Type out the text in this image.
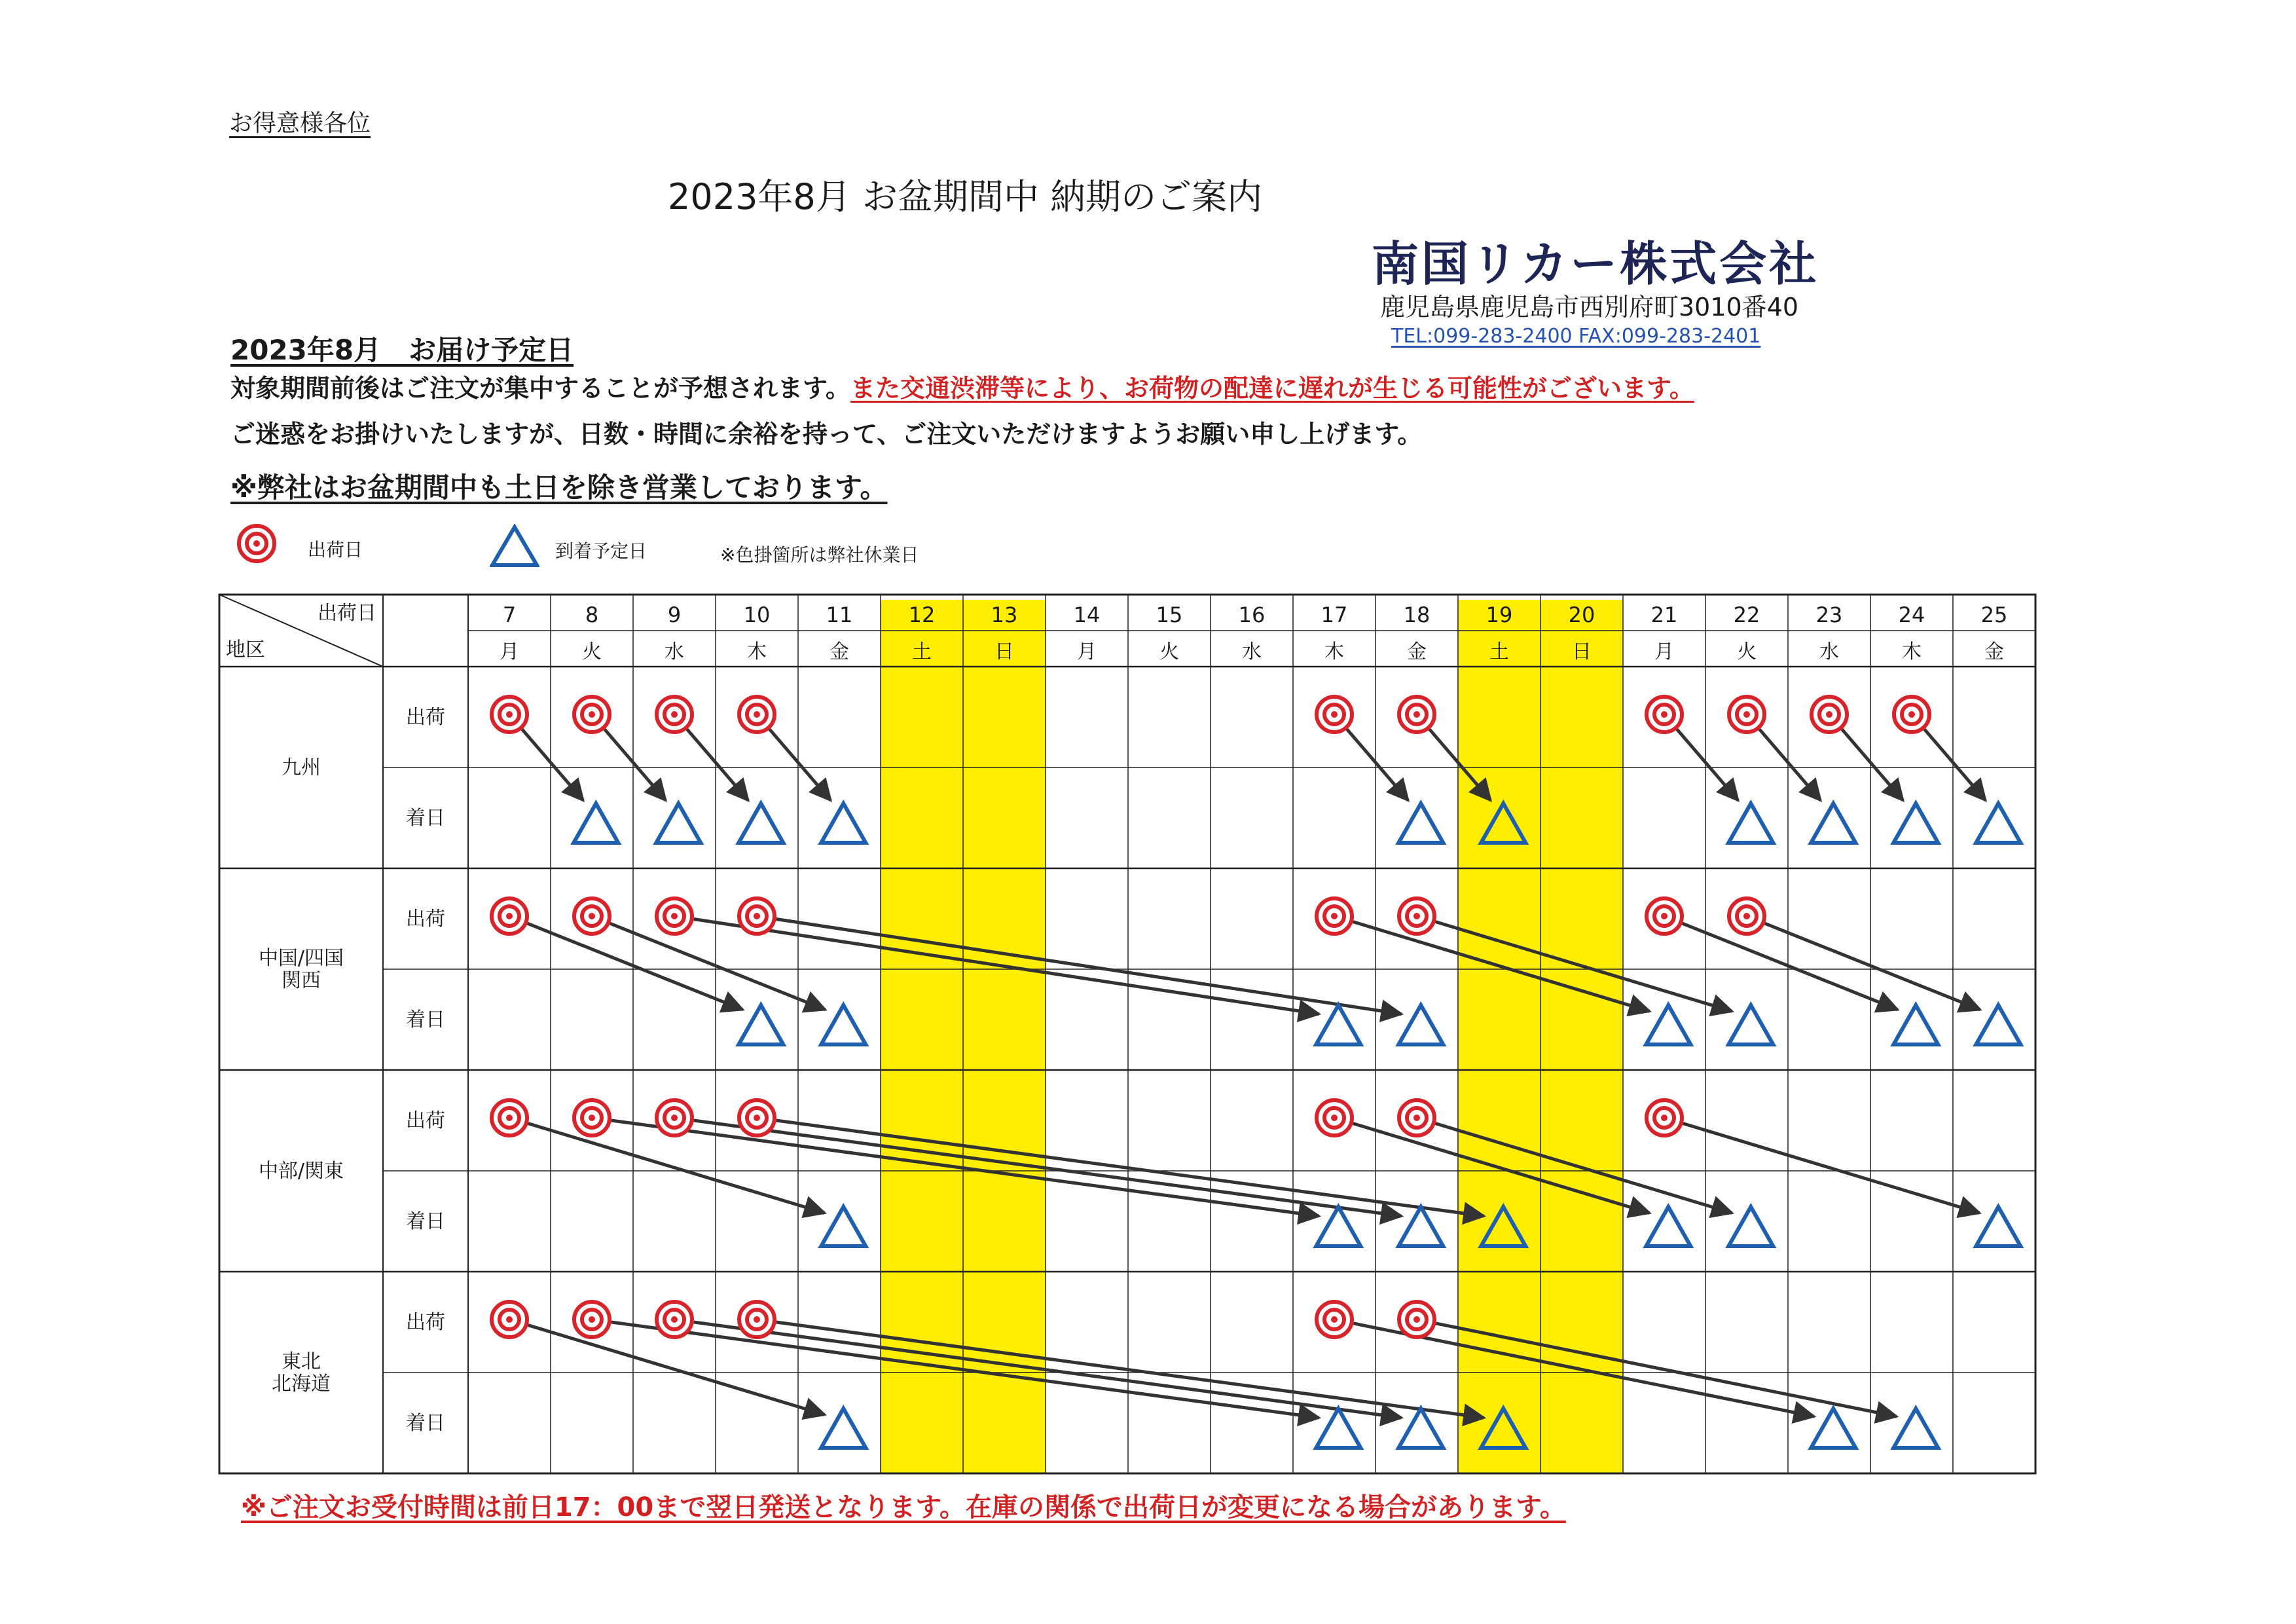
お得意様各位
2023年8月 お盆期間中 納期のご案内
南国リカー株式会社
鹿児島県鹿児島市西別府町3010番40
TEL:099-283-2400 FAX:099-283-2401
2023年8月　お届け予定日
対象期間前後はご注文が集中することが予想されます。また交通渋滞等により、お荷物の配達に遅れが生じる可能性がございます。
ご迷惑をお掛けいたしますが、日数・時間に余裕を持って、ご注文いただけますようお願い申し上げます。
※弊社はお盆期間中も土日を除き営業しております。
出荷日	到着予定日	※色掛箇所は弊社休業日
出荷日
地区
7
月
8
火
9
水
10
木
11
金
12
土
13
日
14
月
15
火
16
水
17
木
18
金
19
土
20
日
21
月
22
火
23
水
24
木
25
金
九州
出荷
着日
中国/四国
関西
出荷
着日
中部/関東
出荷
着日
東北
北海道
出荷
着日
※ご注文お受付時間は前日17：00まで翌日発送となります。在庫の関係で出荷日が変更になる場合があります。
